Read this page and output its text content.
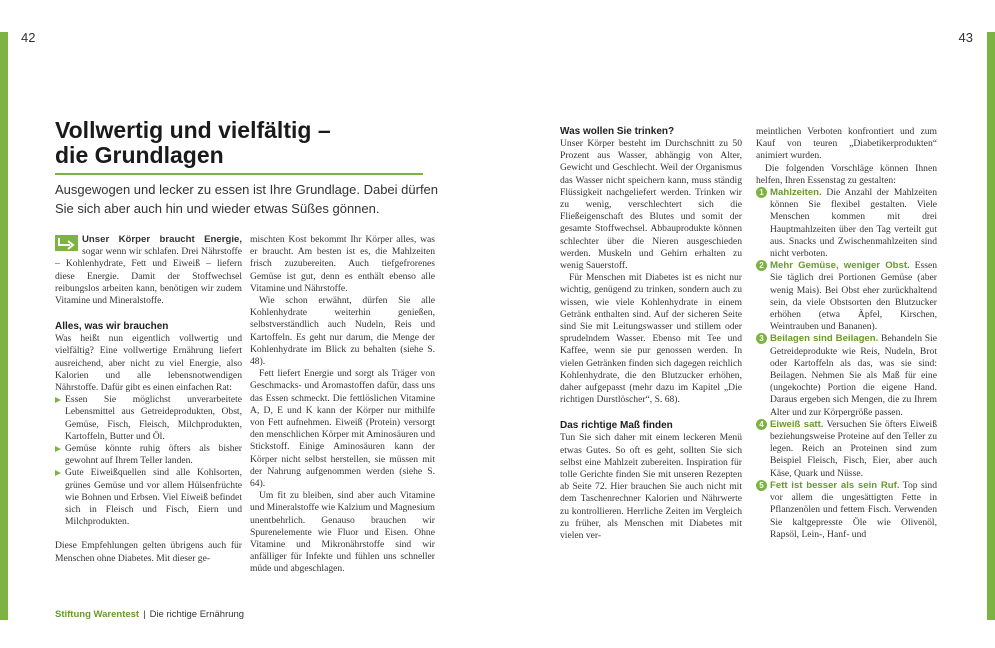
42
Vollwertig und vielfältig –
die Grundlagen

Ausgewogen und lecker zu essen ist Ihre Grundlage. Dabei dürfen Sie sich aber auch hin und wieder etwas Süßes gönnen.

Unser Körper braucht Energie, sogar wenn wir schlafen. Drei Nährstoffe – Kohlenhydrate, Fett und Eiweiß – liefern diese Energie. Damit der Stoffwechsel reibungslos arbeiten kann, benötigen wir zudem Vitamine und Mineralstoffe.

Alles, was wir brauchen

Was heißt nun eigentlich vollwertig und vielfältig? Eine vollwertige Ernährung liefert ausreichend, aber nicht zu viel Energie, also Kalorien und alle lebensnotwendigen Nährstoffe. Dafür gibt es einen einfachen Rat:

Essen Sie möglichst unverarbeitete Lebensmittel aus Getreideprodukten, Obst, Gemüse, Fisch, Fleisch, Milchprodukten, Kartoffeln, Butter und Öl.
Gemüse könnte ruhig öfters als bisher gewohnt auf Ihrem Teller landen.
Gute Eiweißquellen sind alle Kohlsorten, grünes Gemüse und vor allem Hülsenfrüchte wie Bohnen und Erbsen. Viel Eiweiß befindet sich in Fleisch und Fisch, Eiern und Milchprodukten.

Diese Empfehlungen gelten übrigens auch für Menschen ohne Diabetes. Mit dieser ge-

mischten Kost bekommt Ihr Körper alles, was er braucht. Am besten ist es, die Mahlzeiten frisch zuzubereiten. Auch tiefgefrorenes Gemüse ist gut, denn es enthält ebenso alle Vitamine und Nährstoffe.

Wie schon erwähnt, dürfen Sie alle Kohlenhydrate weiterhin genießen, selbstverständlich auch Nudeln, Reis und Kartoffeln. Es geht nur darum, die Menge der Kohlenhydrate im Blick zu behalten (siehe S. 48).

Fett liefert Energie und sorgt als Träger von Geschmacks- und Aromastoffen dafür, dass uns das Essen schmeckt. Die fettlöslichen Vitamine A, D, E und K kann der Körper nur mithilfe von Fett aufnehmen. Eiweiß (Protein) versorgt den menschlichen Körper mit Aminosäuren und Stickstoff. Einige Aminosäuren kann der Körper nicht selbst herstellen, sie müssen mit der Nahrung aufgenommen werden (siehe S. 64).

Um fit zu bleiben, sind aber auch Vitamine und Mineralstoffe wie Kalzium und Magnesium unentbehrlich. Genauso brauchen wir Spurenelemente wie Fluor und Eisen. Ohne Vitamine und Mikronährstoffe sind wir anfälliger für Infekte und fühlen uns schneller müde und abgeschlagen.

Stiftung Warentest | Die richtige Ernährung
43
Was wollen Sie trinken?

Unser Körper besteht im Durchschnitt zu 50 Prozent aus Wasser, abhängig von Alter, Gewicht und Geschlecht. Weil der Organismus das Wasser nicht speichern kann, muss ständig Flüssigkeit nachgeliefert werden. Trinken wir zu wenig, verschlechtert sich die Fließeigenschaft des Blutes und somit der gesamte Stoffwechsel. Abbauprodukte können schlechter über die Nieren ausgeschieden werden. Muskeln und Gehirn erhalten zu wenig Sauerstoff.

Für Menschen mit Diabetes ist es nicht nur wichtig, genügend zu trinken, sondern auch zu wissen, wie viele Kohlenhydrate in einem Getränk enthalten sind. Auf der sicheren Seite sind Sie mit Leitungswasser und stillem oder sprudelndem Wasser. Ebenso mit Tee und Kaffee, wenn sie pur genossen werden. In vielen Getränken finden sich dagegen reichlich Kohlenhydrate, die den Blutzucker erhöhen, daher aufgepasst (mehr dazu im Kapitel „Die richtigen Durstlöscher“, S. 68).

Das richtige Maß finden

Tun Sie sich daher mit einem leckeren Menü etwas Gutes. So oft es geht, sollten Sie sich selbst eine Mahlzeit zubereiten. Inspiration für tolle Gerichte finden Sie mit unseren Rezepten ab Seite 72. Hier brauchen Sie auch nicht mit dem Taschenrechner Kalorien und Nährwerte zu kontrollieren. Herrliche Zeiten im Vergleich zu früher, als Menschen mit Diabetes mit vielen ver-

meintlichen Verboten konfrontiert und zum Kauf von teuren „Diabetikerprodukten“ animiert wurden.

Die folgenden Vorschläge können Ihnen helfen, Ihren Essenstag zu gestalten:

1 Mahlzeiten. Die Anzahl der Mahlzeiten können Sie flexibel gestalten. Viele Menschen kommen mit drei Hauptmahlzeiten über den Tag verteilt gut aus. Snacks und Zwischenmahlzeiten sind nicht verboten.
2 Mehr Gemüse, weniger Obst. Essen Sie täglich drei Portionen Gemüse (aber wenig Mais). Bei Obst eher zurückhaltend sein, da viele Obstsorten den Blutzucker erhöhen (etwa Äpfel, Kirschen, Weintrauben und Bananen).
3 Beilagen sind Beilagen. Behandeln Sie Getreideprodukte wie Reis, Nudeln, Brot oder Kartoffeln als das, was sie sind: Beilagen. Nehmen Sie als Maß für eine (ungekochte) Portion die eigene Hand. Daraus ergeben sich Mengen, die zu Ihrem Alter und zur Körpergröße passen.
4 Eiweiß satt. Versuchen Sie öfters Eiweiß beziehungsweise Proteine auf den Teller zu legen. Reich an Proteinen sind zum Beispiel Fleisch, Fisch, Eier, aber auch Käse, Quark und Nüsse.
5 Fett ist besser als sein Ruf. Top sind vor allem die ungesättigten Fette in Pflanzenölen und fettem Fisch. Verwenden Sie kaltgepresste Öle wie Olivenöl, Rapsöl, Lein-, Hanf- und
